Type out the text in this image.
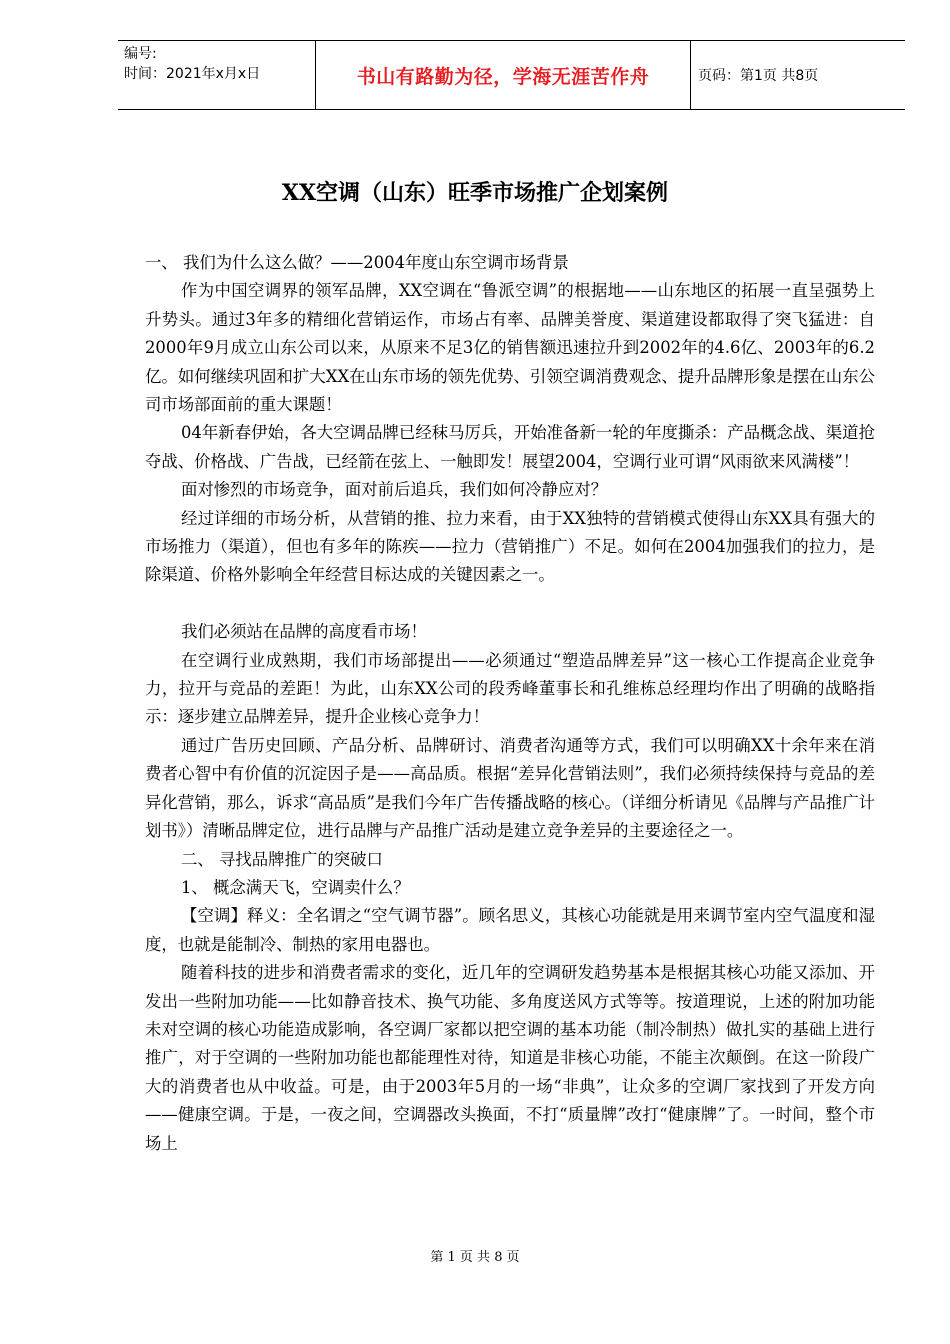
编号:
时间：2021年x月x日	书山有路勤为径，学海无涯苦作舟	页码：第1页 共8页
XX空调（山东）旺季市场推广企划案例

一、 我们为什么这么做？——2004年度山东空调市场背景

作为中国空调界的领军品牌，XX空调在“鲁派空调”的根据地——山东地区的拓展一直呈强势上升势头。通过3年多的精细化营销运作，市场占有率、品牌美誉度、渠道建设都取得了突飞猛进：自2000年9月成立山东公司以来，从原来不足3亿的销售额迅速拉升到2002年的4.6亿、2003年的6.2亿。如何继续巩固和扩大XX在山东市场的领先优势、引领空调消费观念、提升品牌形象是摆在山东公司市场部面前的重大课题！

04年新春伊始，各大空调品牌已经秣马厉兵，开始准备新一轮的年度撕杀：产品概念战、渠道抢夺战、价格战、广告战，已经箭在弦上、一触即发！展望2004，空调行业可谓“风雨欲来风满楼”！

面对惨烈的市场竞争，面对前后追兵，我们如何冷静应对？

经过详细的市场分析，从营销的推、拉力来看，由于XX独特的营销模式使得山东XX具有强大的市场推力（渠道），但也有多年的陈疾——拉力（营销推广）不足。如何在2004加强我们的拉力，是除渠道、价格外影响全年经营目标达成的关键因素之一。

我们必须站在品牌的高度看市场！

在空调行业成熟期，我们市场部提出——必须通过“塑造品牌差异”这一核心工作提高企业竞争力，拉开与竞品的差距！为此，山东XX公司的段秀峰董事长和孔维栋总经理均作出了明确的战略指示：逐步建立品牌差异，提升企业核心竞争力！

通过广告历史回顾、产品分析、品牌研讨、消费者沟通等方式，我们可以明确XX十余年来在消费者心智中有价值的沉淀因子是——高品质。根据“差异化营销法则”，我们必须持续保持与竞品的差异化营销，那么，诉求“高品质”是我们今年广告传播战略的核心。（详细分析请见《品牌与产品推广计划书》）清晰品牌定位，进行品牌与产品推广活动是建立竞争差异的主要途径之一。

二、 寻找品牌推广的突破口

1、 概念满天飞，空调卖什么？

【空调】释义：全名谓之“空气调节器”。顾名思义，其核心功能就是用来调节室内空气温度和湿度，也就是能制冷、制热的家用电器也。

随着科技的进步和消费者需求的变化，近几年的空调研发趋势基本是根据其核心功能又添加、开发出一些附加功能——比如静音技术、换气功能、多角度送风方式等等。按道理说，上述的附加功能未对空调的核心功能造成影响，各空调厂家都以把空调的基本功能（制冷制热）做扎实的基础上进行推广，对于空调的一些附加功能也都能理性对待，知道是非核心功能，不能主次颠倒。在这一阶段广大的消费者也从中收益。可是，由于2003年5月的一场“非典”，让众多的空调厂家找到了开发方向——健康空调。于是，一夜之间，空调器改头换面，不打“质量牌”改打“健康牌”了。一时间，整个市场上

第 1 页 共 8 页
